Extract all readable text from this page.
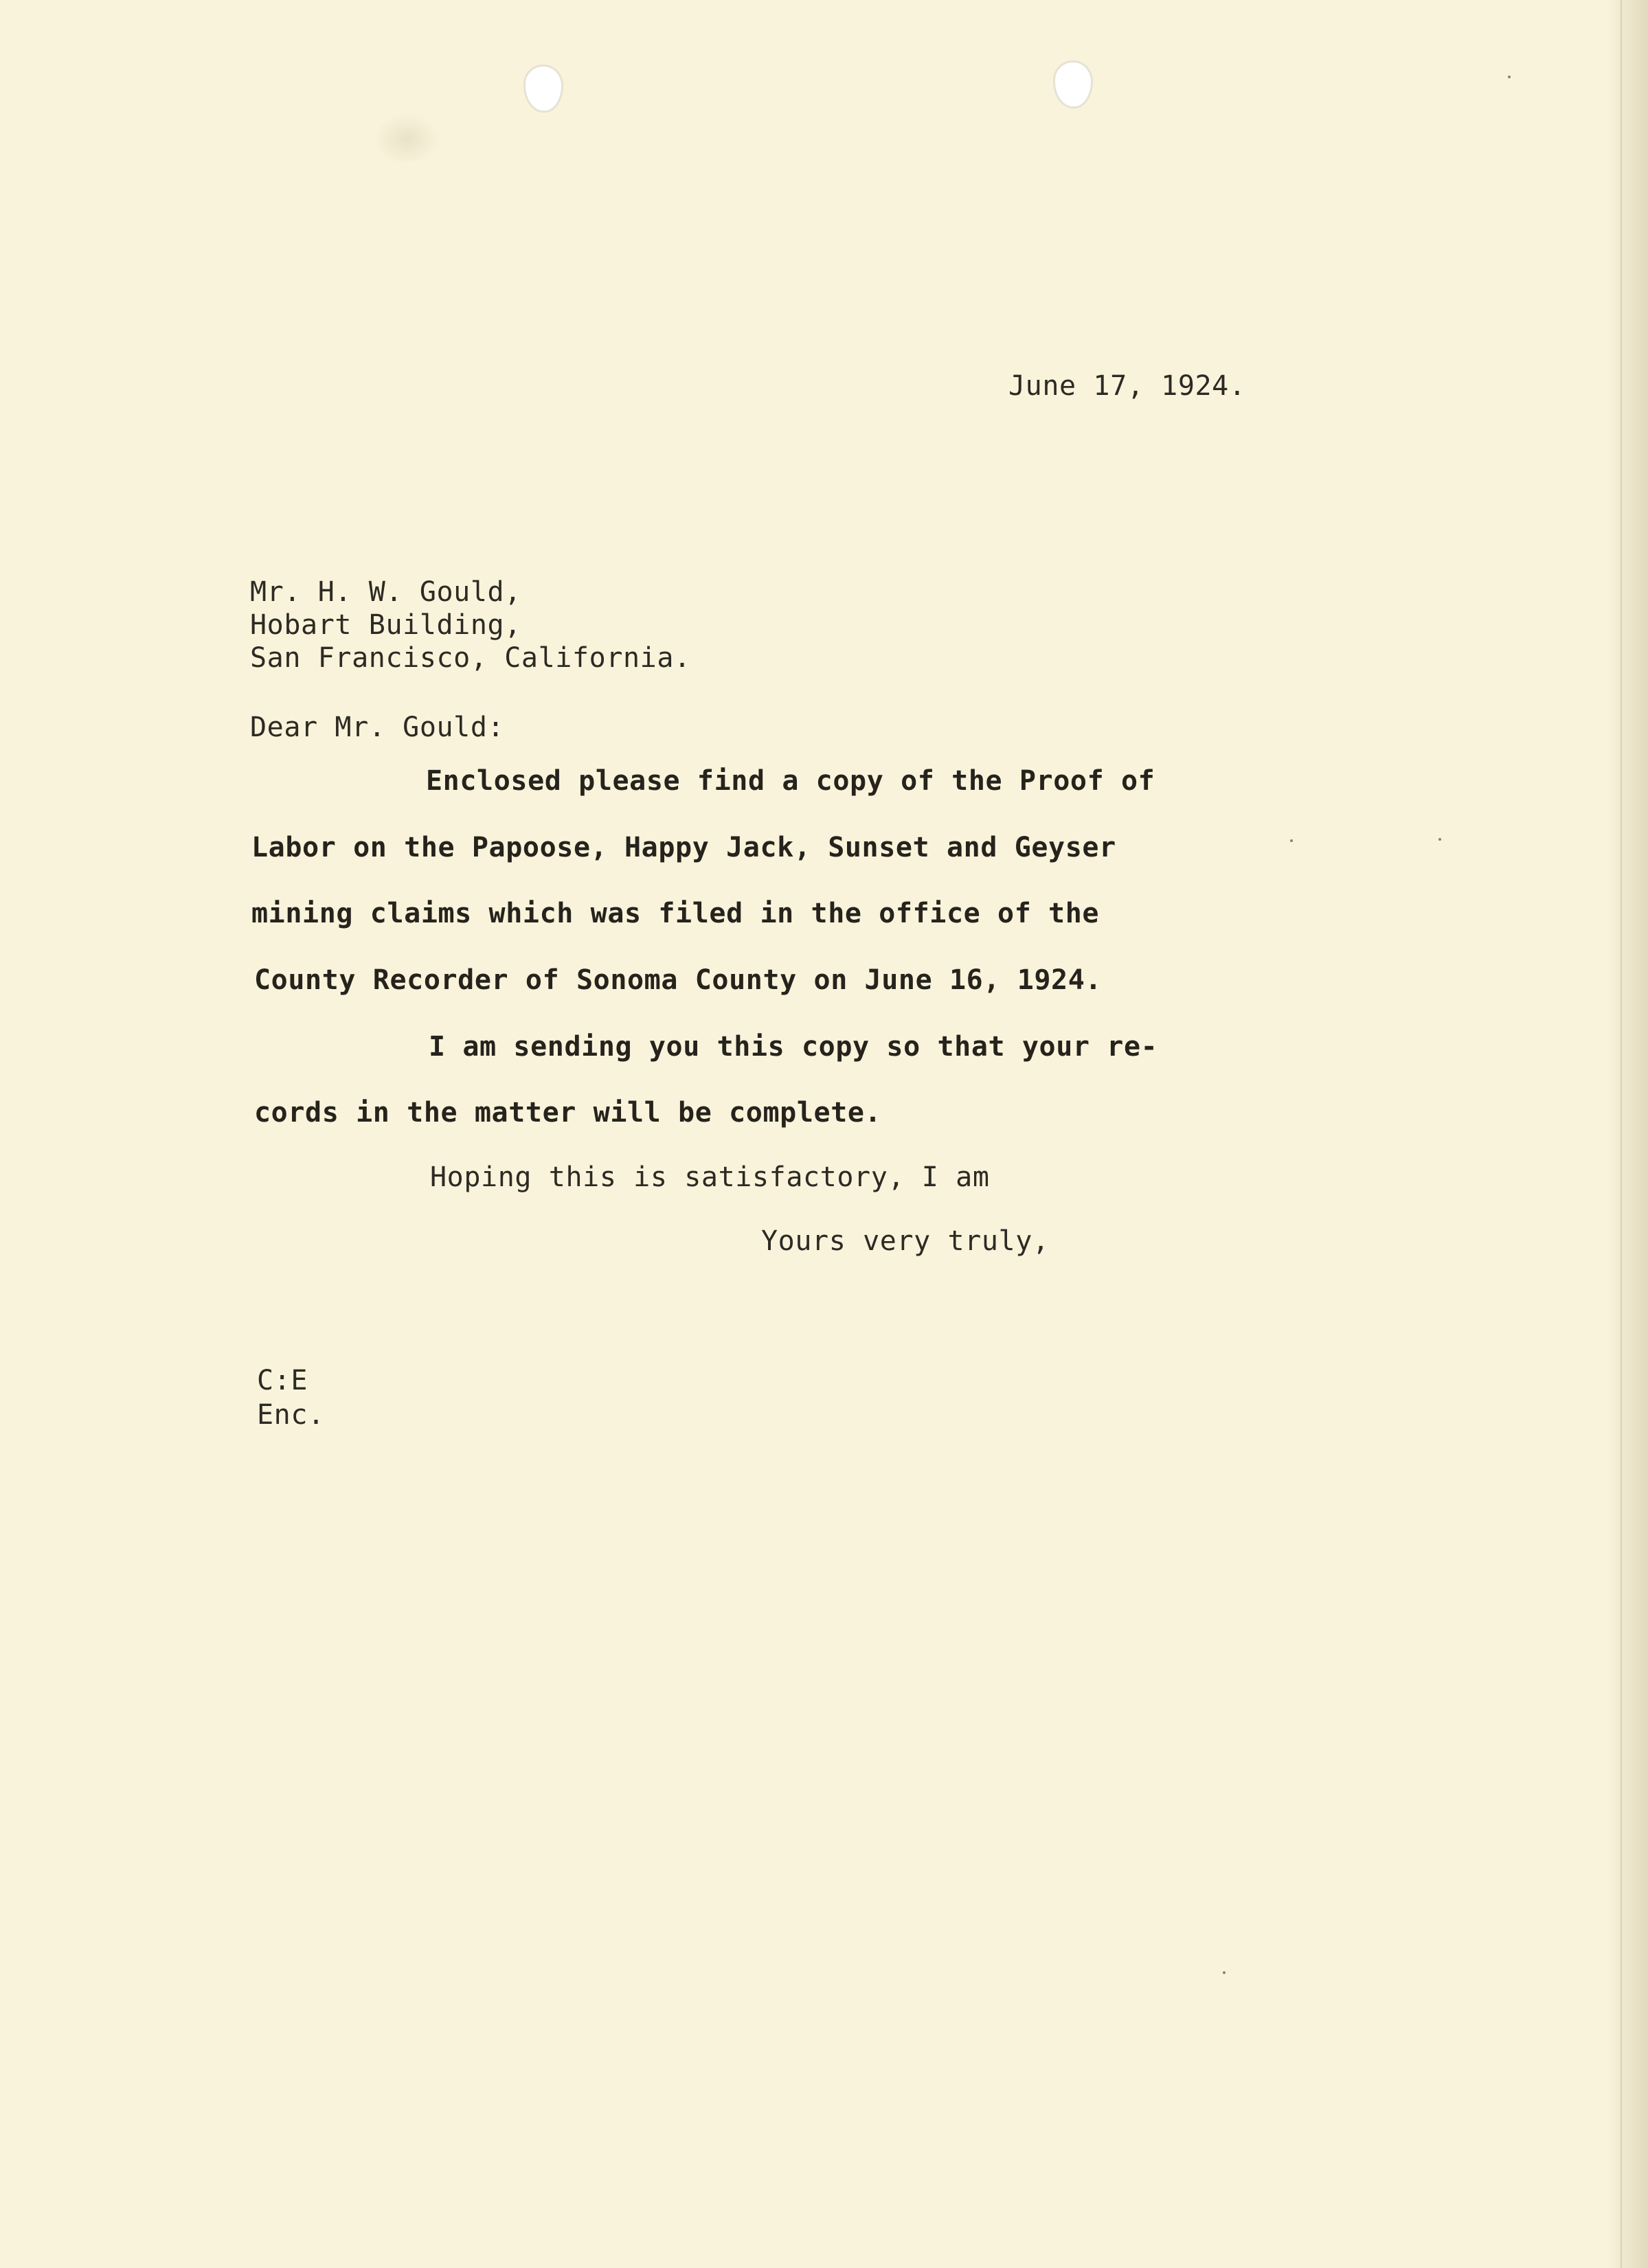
June 17, 1924.
Mr. H. W. Gould,
Hobart Building,
San Francisco, California.
Dear Mr. Gould:
Enclosed please find a copy of the Proof of
Labor on the Papoose, Happy Jack, Sunset and Geyser
mining claims which was filed in the office of the
County Recorder of Sonoma County on June 16, 1924.
I am sending you this copy so that your re-
cords in the matter will be complete.
Hoping this is satisfactory, I am
Yours very truly,
C:E
Enc.
